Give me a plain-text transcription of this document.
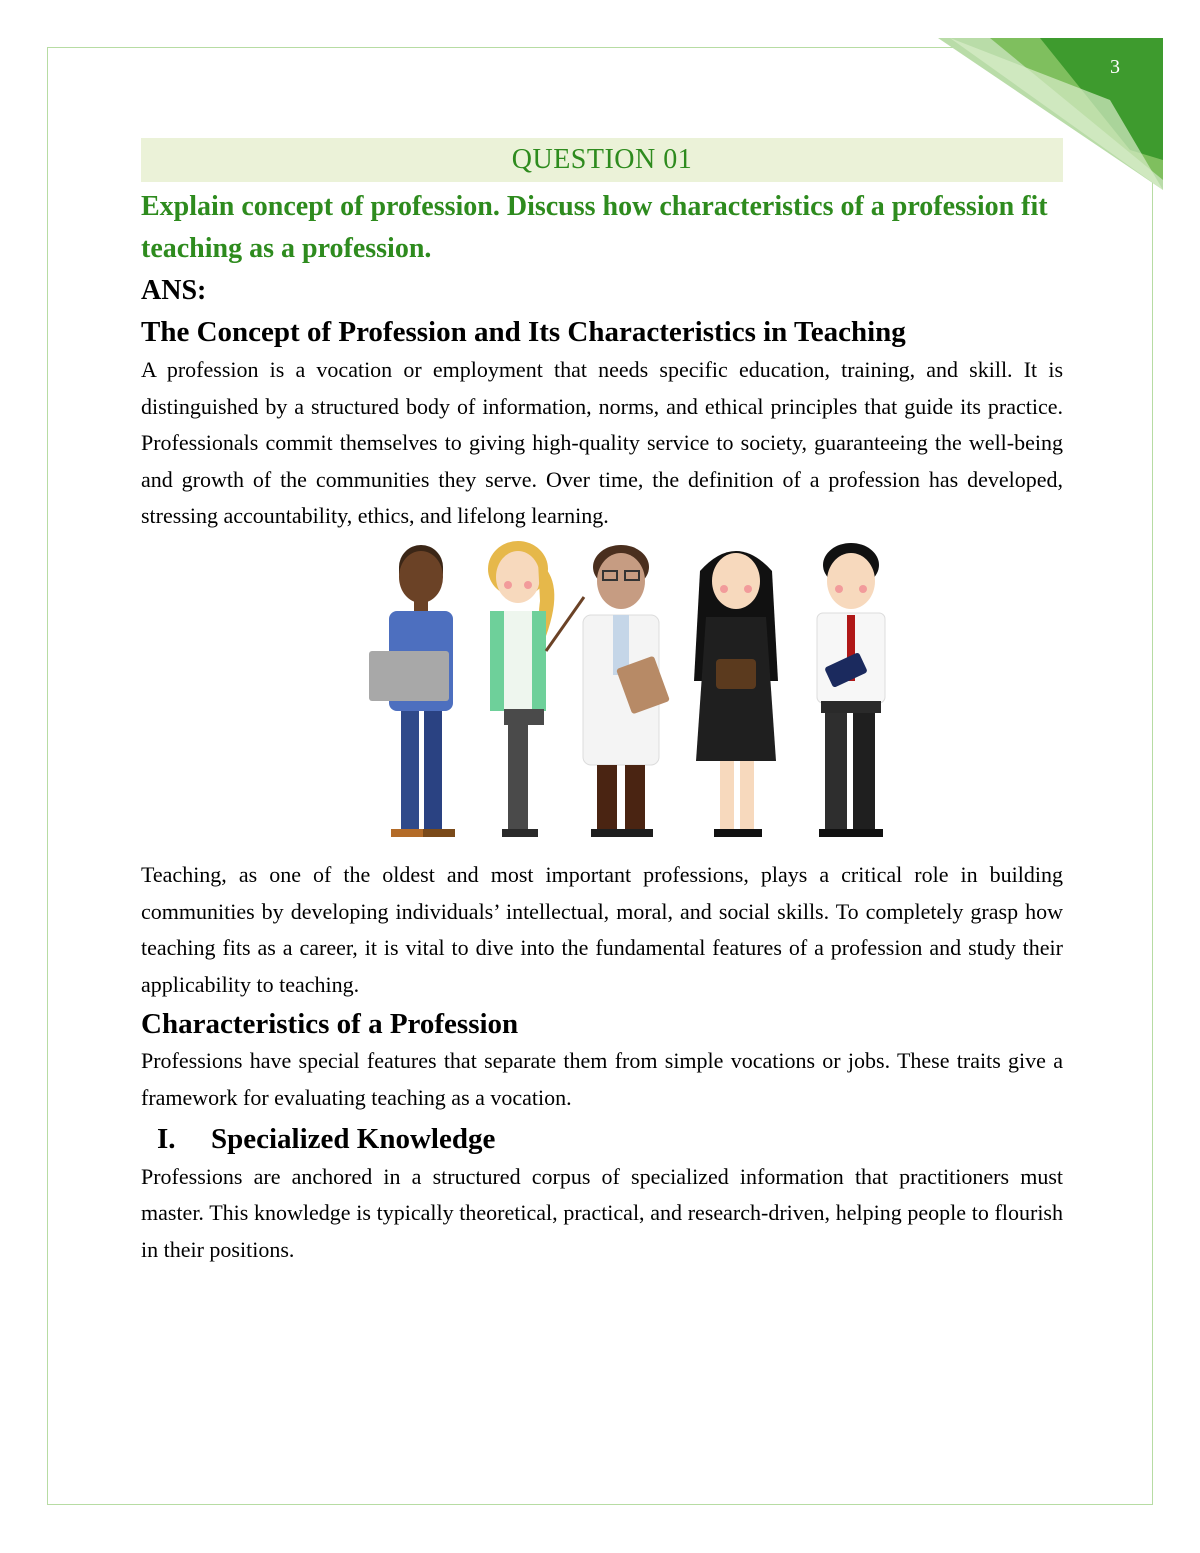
3
QUESTION 01
Explain concept of profession. Discuss how characteristics of a profession fit teaching as a profession.
ANS:
The Concept of Profession and Its Characteristics in Teaching

A profession is a vocation or employment that needs specific education, training, and skill. It is distinguished by a structured body of information, norms, and ethical principles that guide its practice. Professionals commit themselves to giving high-quality service to society, guaranteeing the well-being and growth of the communities they serve. Over time, the definition of a profession has developed, stressing accountability, ethics, and lifelong learning.

Teaching, as one of the oldest and most important professions, plays a critical role in building communities by developing individuals’ intellectual, moral, and social skills. To completely grasp how teaching fits as a career, it is vital to dive into the fundamental features of a profession and study their applicability to teaching.

Characteristics of a Profession

Professions have special features that separate them from simple vocations or jobs. These traits give a framework for evaluating teaching as a vocation.

I.	Specialized Knowledge

Professions are anchored in a structured corpus of specialized information that practitioners must master. This knowledge is typically theoretical, practical, and research-driven, helping people to flourish in their positions.
